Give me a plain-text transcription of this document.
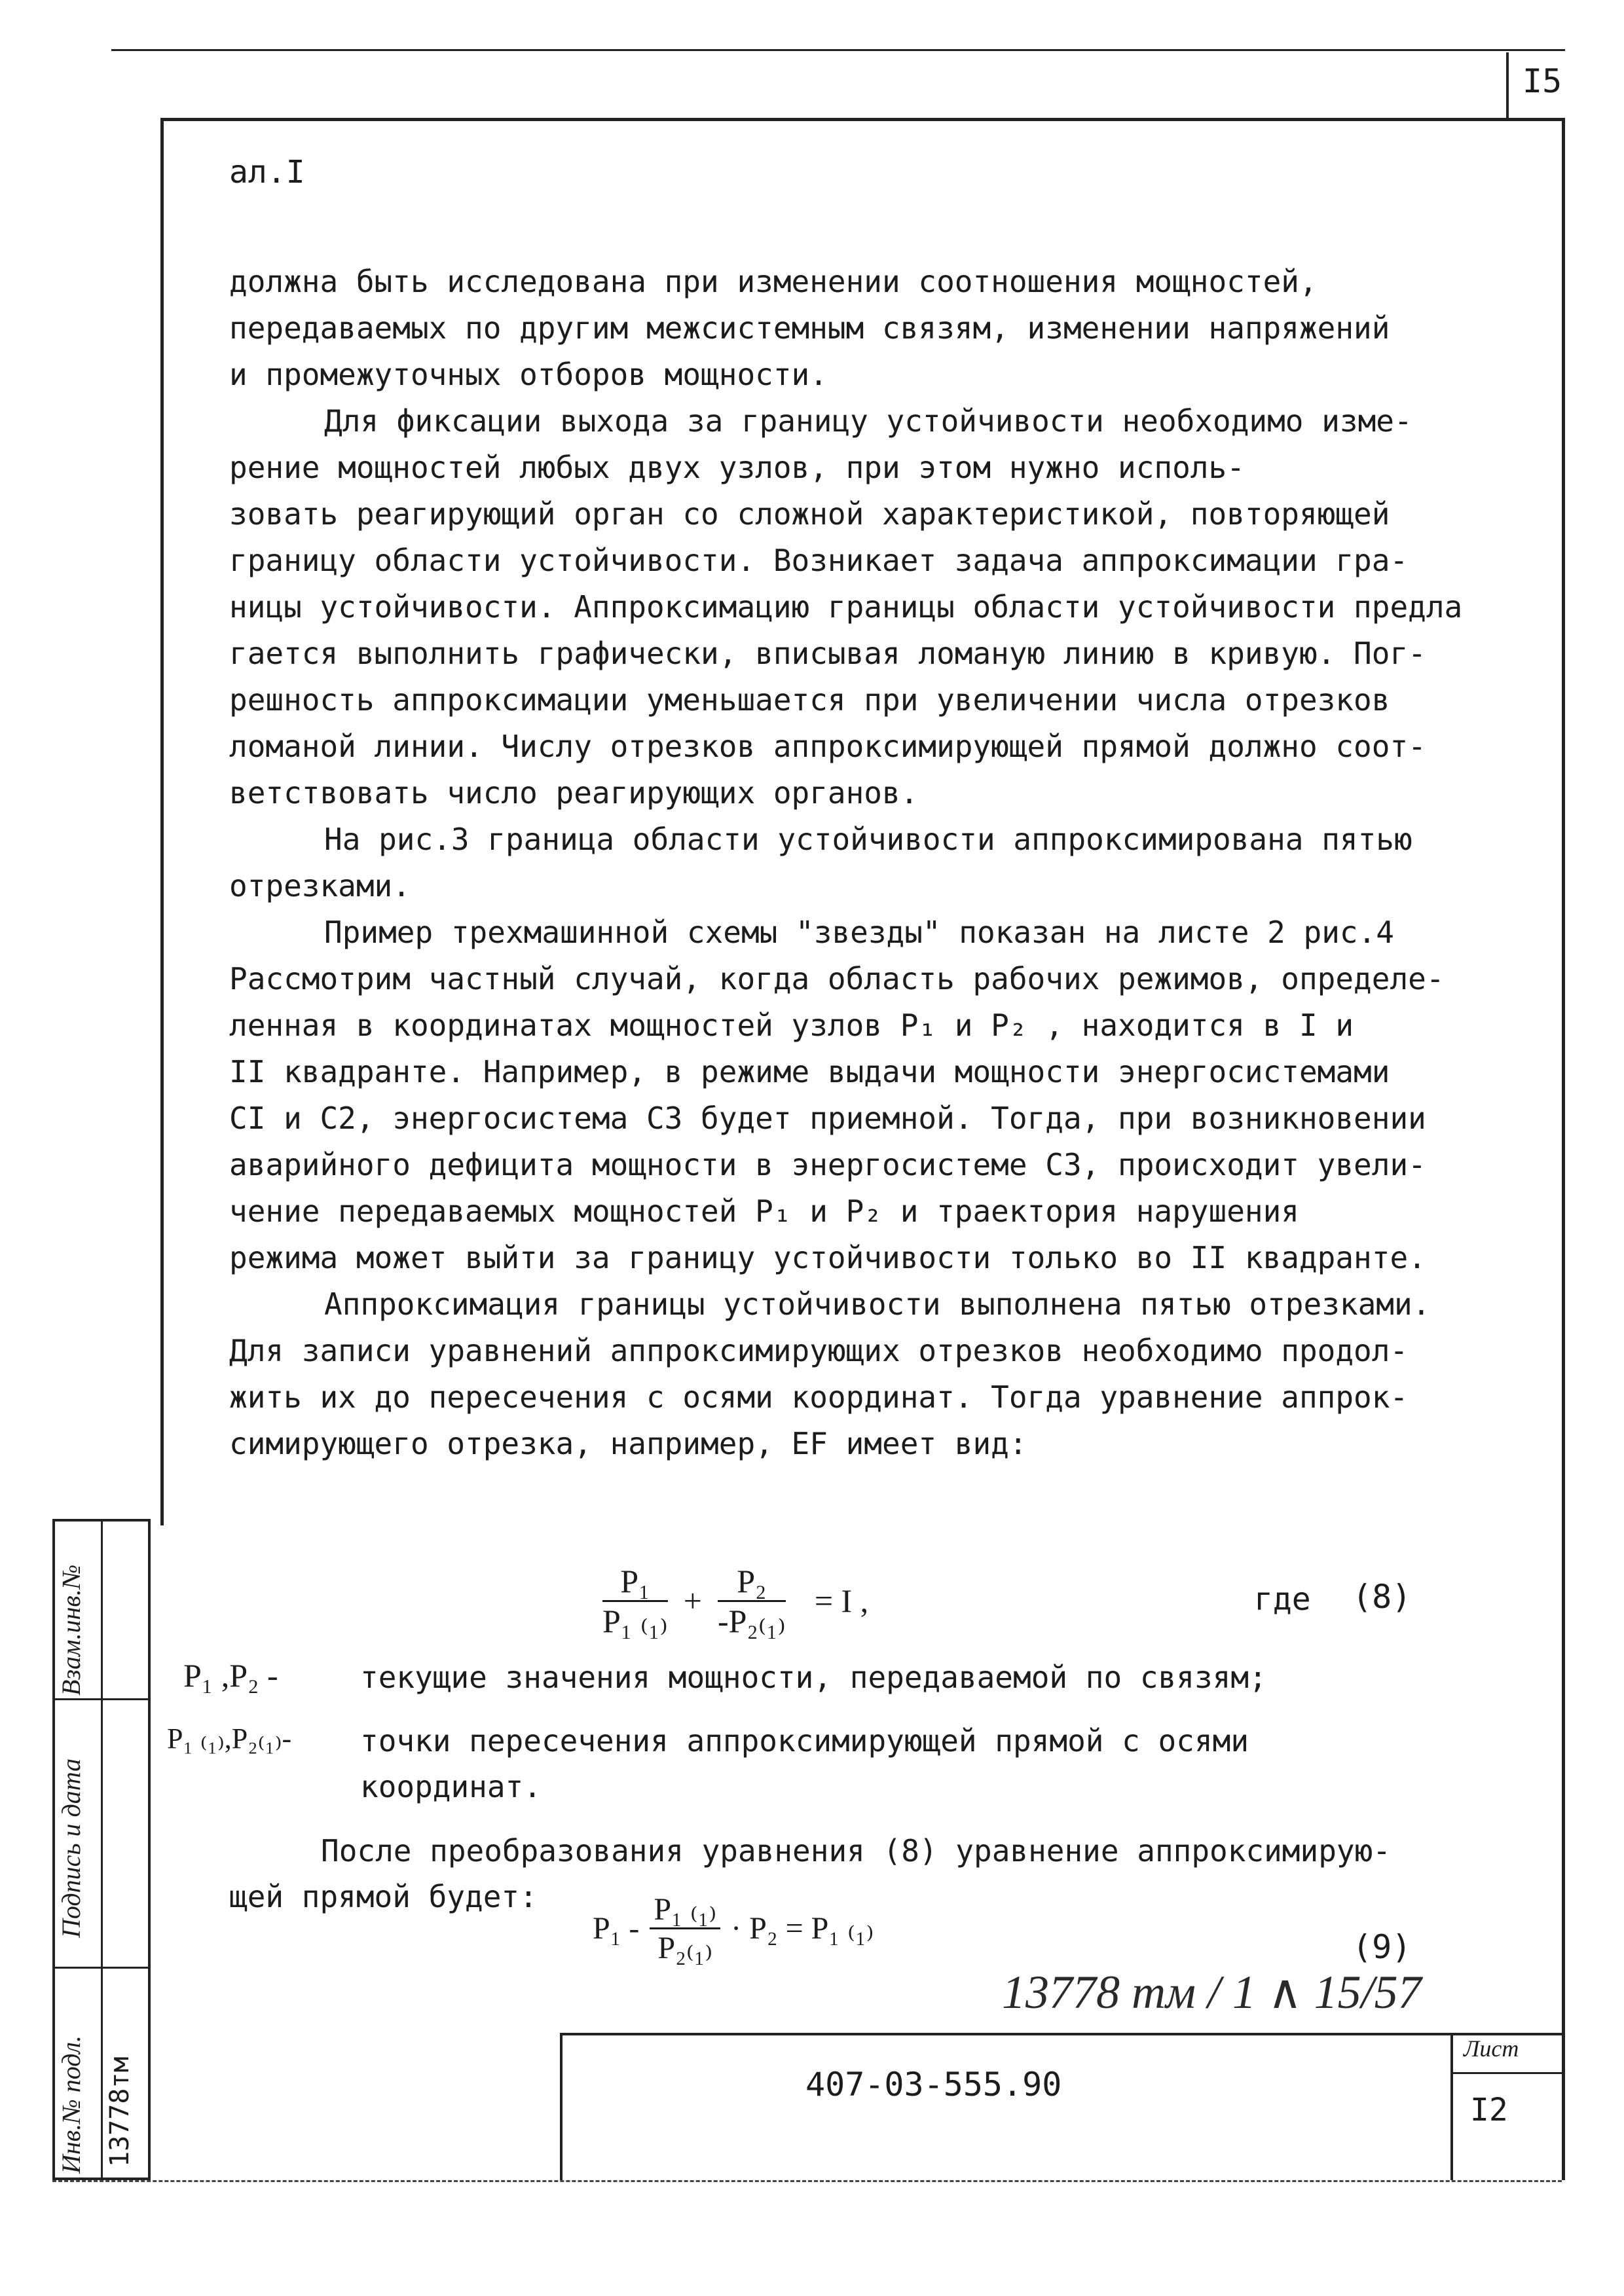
I5
ал.I

должна быть исследована при изменении соотношения мощностей,

передаваемых по другим межсистемным связям, изменении напряжений

и промежуточных отборов мощности.

Для фиксации выхода за границу устойчивости необходимо изме-

рение мощностей любых двух узлов, при этом нужно исполь-

зовать реагирующий орган со сложной характеристикой, повторяющей

границу области устойчивости. Возникает задача аппроксимации гра-

ницы устойчивости. Аппроксимацию границы области устойчивости предла

гается выполнить графически, вписывая ломаную линию в кривую. Пог-

решность аппроксимации уменьшается при увеличении числа отрезков

ломаной линии. Числу отрезков аппроксимирующей прямой должно соот-

ветствовать число реагирующих органов.

На рис.3 граница области устойчивости аппроксимирована пятью

отрезками.

Пример трехмашинной схемы "звезды" показан на листе 2 рис.4

Рассмотрим частный случай, когда область рабочих режимов, определе-

ленная в координатах мощностей узлов P₁ и P₂ , находится в I и

II квадранте. Например, в режиме выдачи мощности энергосистемами

CI и C2, энергосистема C3 будет приемной. Тогда, при возникновении

аварийного дефицита мощности в энергосистеме C3, происходит увели-

чение передаваемых мощностей P₁ и P₂ и траектория нарушения

режима может выйти за границу устойчивости только во II квадранте.

Аппроксимация границы устойчивости выполнена пятью отрезками.

Для записи уравнений аппроксимирующих отрезков необходимо продол-

жить их до пересечения с осями координат. Тогда уравнение аппрок-

симирующего отрезка, например, EF имеет вид:

$\frac{\text{P₁}}{\text{P₁ ₍₁₎}} + \frac{\text{P₂}}{\text{-P₂₍₁₎}} = I$ ,	где (8)
P₁ ,P₂ -	текущие значения мощности, передаваемой по связям;
P₁ ₍₁₎,P₂₍₁₎- точки пересечения аппроксимирующей прямой с осями
координат.
После преобразования уравнения (8) уравнение аппроксимирую-
щей прямой будет:
$P_1 - \frac{\text{P₁ ₍₁₎}}{\text{P₂₍₁₎}} \cdot P_2 = P_1$ ₍₁₎	(9)
13778 тм / 1 ∧ 15/57
407-03-555.90
Лист
I2
Взам.инв.№
Подпись и дата
Инв.№ подл. 13778тм
